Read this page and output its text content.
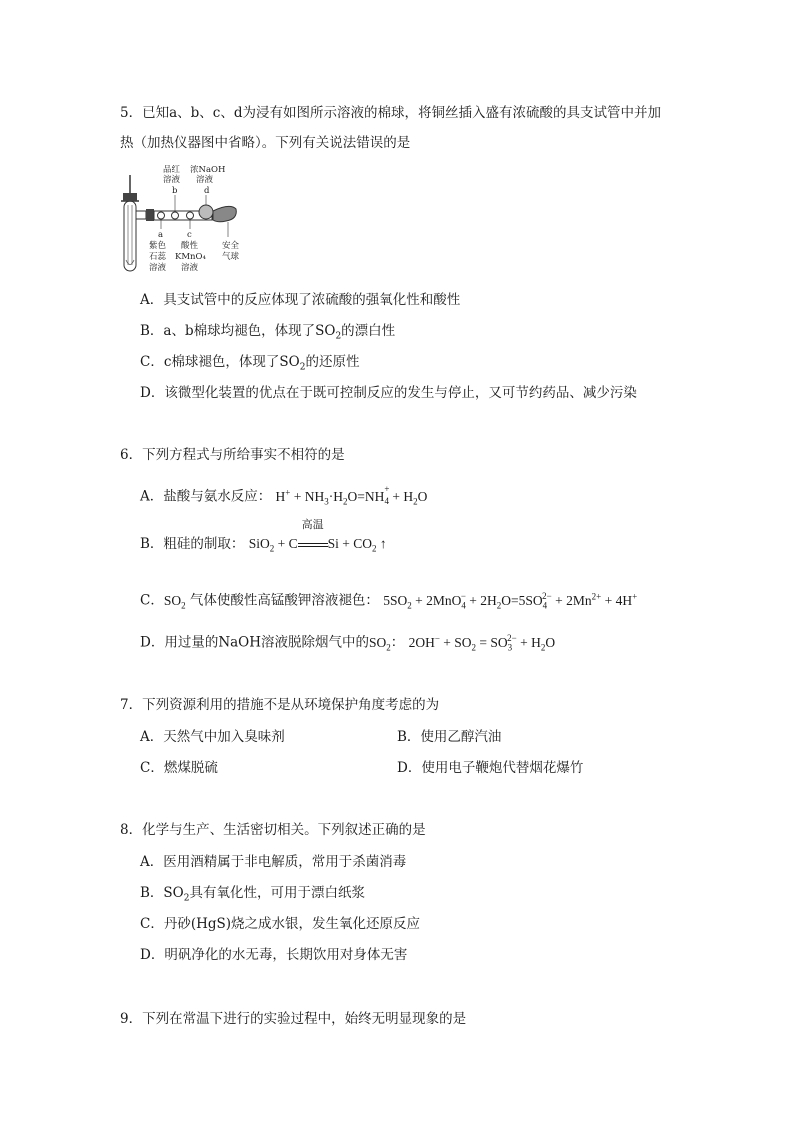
5．已知a、b、c、d为浸有如图所示溶液的棉球，将铜丝插入盛有浓硫酸的具支试管中并加
热（加热仪器图中省略）。下列有关说法错误的是
品红
溶液
b
浓NaOH
溶液
d
a
紫色
石蕊
溶液
c
酸性
KMnO₄
溶液
安全
气球
A．具支试管中的反应体现了浓硫酸的强氧化性和酸性
B．a、b棉球均褪色，体现了$SO_2$的漂白性
C．c棉球褪色，体现了$SO_2$的还原性
D．该微型化装置的优点在于既可控制反应的发生与停止，又可节约药品、减少污染
6．下列方程式与所给事实不相符的是
A．盐酸与氨水反应： $H^+ + NH_3\cdot H_2O=NH_{+4} + H_2O$
B．粗硅的制取： SiO$_2$ + C
高温
$Si + CO_2$ ↑
C．$SO_2$ 气体使酸性高锰酸钾溶液褪色： $5SO_2 + 2MnO_4^- + 2H_2O=5SO_4^{2-} + 2Mn^{2+} + 4H^+$
D．用过量的NaOH溶液脱除烟气中的$SO_2$： $2OH^- + SO_2 = SO_3^{2-} + H_2O$
7．下列资源利用的措施不是从环境保护角度考虑的为
A．天然气中加入臭味剂	B．使用乙醇汽油
C．燃煤脱硫	D．使用电子鞭炮代替烟花爆竹
8．化学与生产、生活密切相关。下列叙述正确的是
A．医用酒精属于非电解质，常用于杀菌消毒
B．$SO_2$具有氧化性，可用于漂白纸浆
C．丹砂(HgS)烧之成水银，发生氧化还原反应
D．明矾净化的水无毒，长期饮用对身体无害
9．下列在常温下进行的实验过程中，始终无明显现象的是
